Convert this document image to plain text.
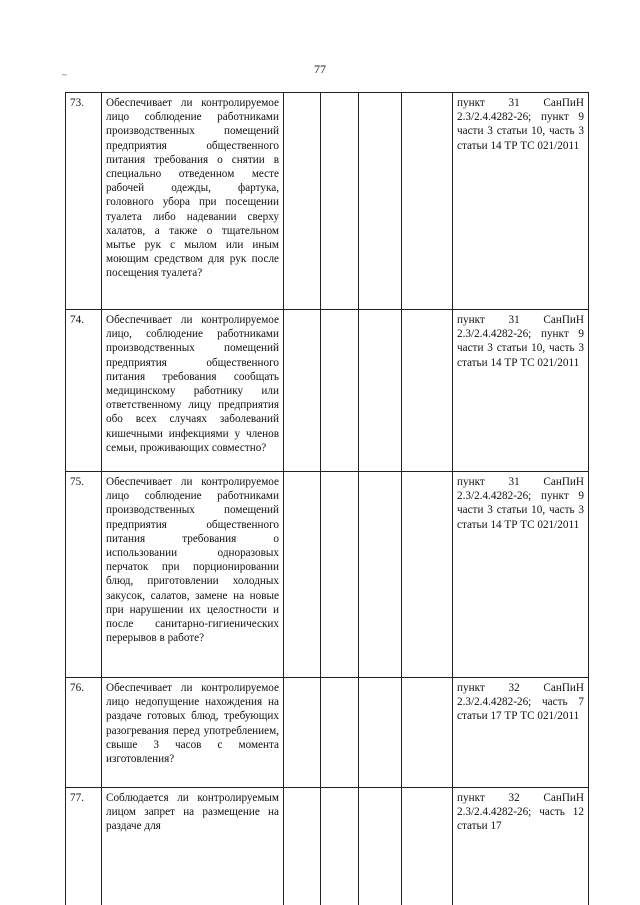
77
~
73.	Обеспечивает ли контролируемое лицо соблюдение работниками производственных помещений предприятия общественного питания требования о снятии в специально отведенном месте рабочей одежды, фартука, головного убора при посещении туалета либо надевании сверху халатов, а также о тщательном мытье рук с мылом или иным моющим средством для рук после посещения туалета?					пункт 31 СанПиН 2.3/2.4.4282-26; пункт 9 части 3 статьи 10, часть 3 статьи 14 ТР ТС 021/2011
74.	Обеспечивает ли контролируемое лицо, соблюдение работниками производственных помещений предприятия общественного питания требования сообщать медицинскому работнику или ответственному лицу предприятия обо всех случаях заболеваний кишечными инфекциями у членов семьи, проживающих совместно?					пункт 31 СанПиН 2.3/2.4.4282-26; пункт 9 части 3 статьи 10, часть 3 статьи 14 ТР ТС 021/2011
75.	Обеспечивает ли контролируемое лицо соблюдение работниками производственных помещений предприятия общественного питания требования о использовании одноразовых перчаток при порционировании блюд, приготовлении холодных закусок, салатов, замене на новые при нарушении их целостности и после санитарно-гигиенических перерывов в работе?					пункт 31 СанПиН 2.3/2.4.4282-26; пункт 9 части 3 статьи 10, часть 3 статьи 14 ТР ТС 021/2011
76.	Обеспечивает ли контролируемое лицо недопущение нахождения на раздаче готовых блюд, требующих разогревания перед употреблением, свыше 3 часов с момента изготовления?					пункт 32 СанПиН 2.3/2.4.4282-26; часть 7 статьи 17 ТР ТС 021/2011
77.	Соблюдается ли контролируемым лицом запрет на размещение на раздаче для					пункт 32 СанПиН 2.3/2.4.4282-26; часть 12 статьи 17
